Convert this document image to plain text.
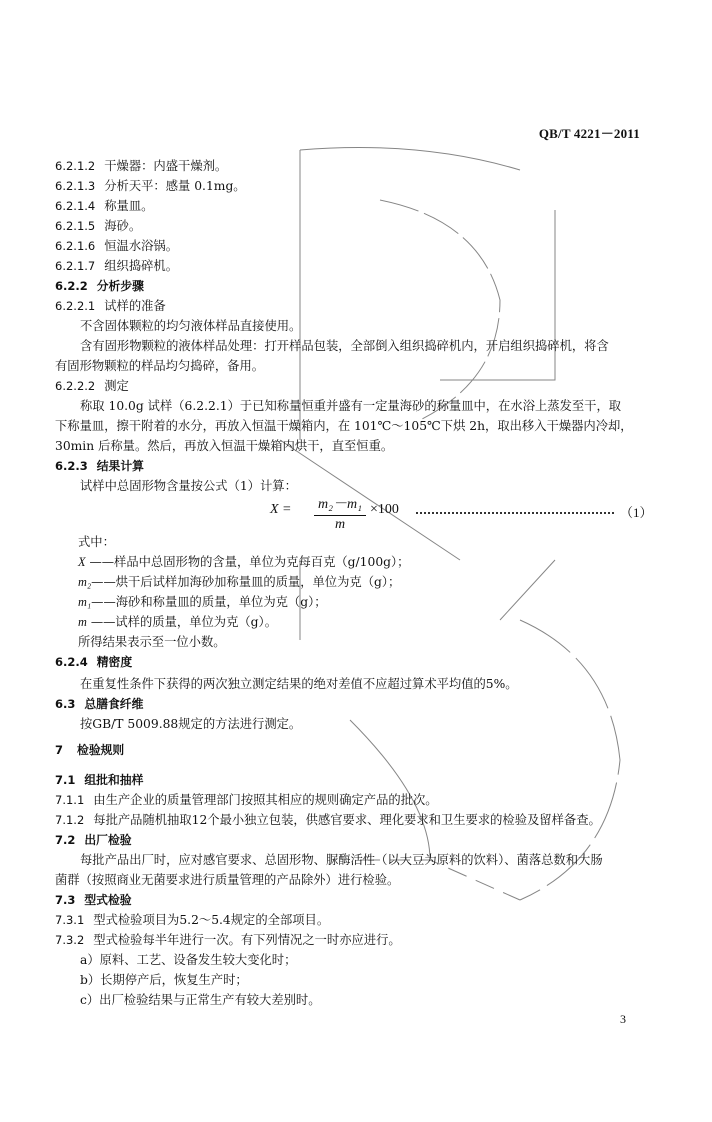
QB/T 4221－2011
6.2.1.2 干燥器：内盛干燥剂。
6.2.1.3 分析天平：感量 0.1mg。
6.2.1.4 称量皿。
6.2.1.5 海砂。
6.2.1.6 恒温水浴锅。
6.2.1.7 组织捣碎机。
6.2.2 分析步骤
6.2.2.1 试样的准备
不含固体颗粒的均匀液体样品直接使用。
含有固形物颗粒的液体样品处理：打开样品包装，全部倒入组织捣碎机内，开启组织捣碎机，将含
有固形物颗粒的样品均匀捣碎，备用。
6.2.2.2 测定
称取 10.0g 试样（6.2.2.1）于已知称量恒重并盛有一定量海砂的称量皿中，在水浴上蒸发至干，取
下称量皿，擦干附着的水分，再放入恒温干燥箱内，在 101℃～105℃下烘 2h，取出移入干燥器内冷却，
30min 后称量。然后，再放入恒温干燥箱内烘干，直至恒重。
6.2.3 结果计算
试样中总固形物含量按公式（1）计算：
$X = \frac{\text{m₂－m₁}}{m} \times 100$	（1）
式中：
X ——样品中总固形物的含量，单位为克每百克（g/100g）；
m₂——烘干后试样加海砂加称量皿的质量，单位为克（g）；
m₁——海砂和称量皿的质量，单位为克（g）；
m ——试样的质量，单位为克（g）。
所得结果表示至一位小数。
6.2.4 精密度
在重复性条件下获得的两次独立测定结果的绝对差值不应超过算术平均值的5%。
6.3 总膳食纤维
按GB/T 5009.88规定的方法进行测定。
7 检验规则
7.1 组批和抽样
7.1.1 由生产企业的质量管理部门按照其相应的规则确定产品的批次。
7.1.2 每批产品随机抽取12个最小独立包装，供感官要求、理化要求和卫生要求的检验及留样备查。
7.2 出厂检验
每批产品出厂时，应对感官要求、总固形物、脲酶活性（以大豆为原料的饮料）、菌落总数和大肠
菌群（按照商业无菌要求进行质量管理的产品除外）进行检验。
7.3 型式检验
7.3.1 型式检验项目为5.2～5.4规定的全部项目。
7.3.2 型式检验每半年进行一次。有下列情况之一时亦应进行。
a）原料、工艺、设备发生较大变化时；
b）长期停产后，恢复生产时；
c）出厂检验结果与正常生产有较大差别时。
3
